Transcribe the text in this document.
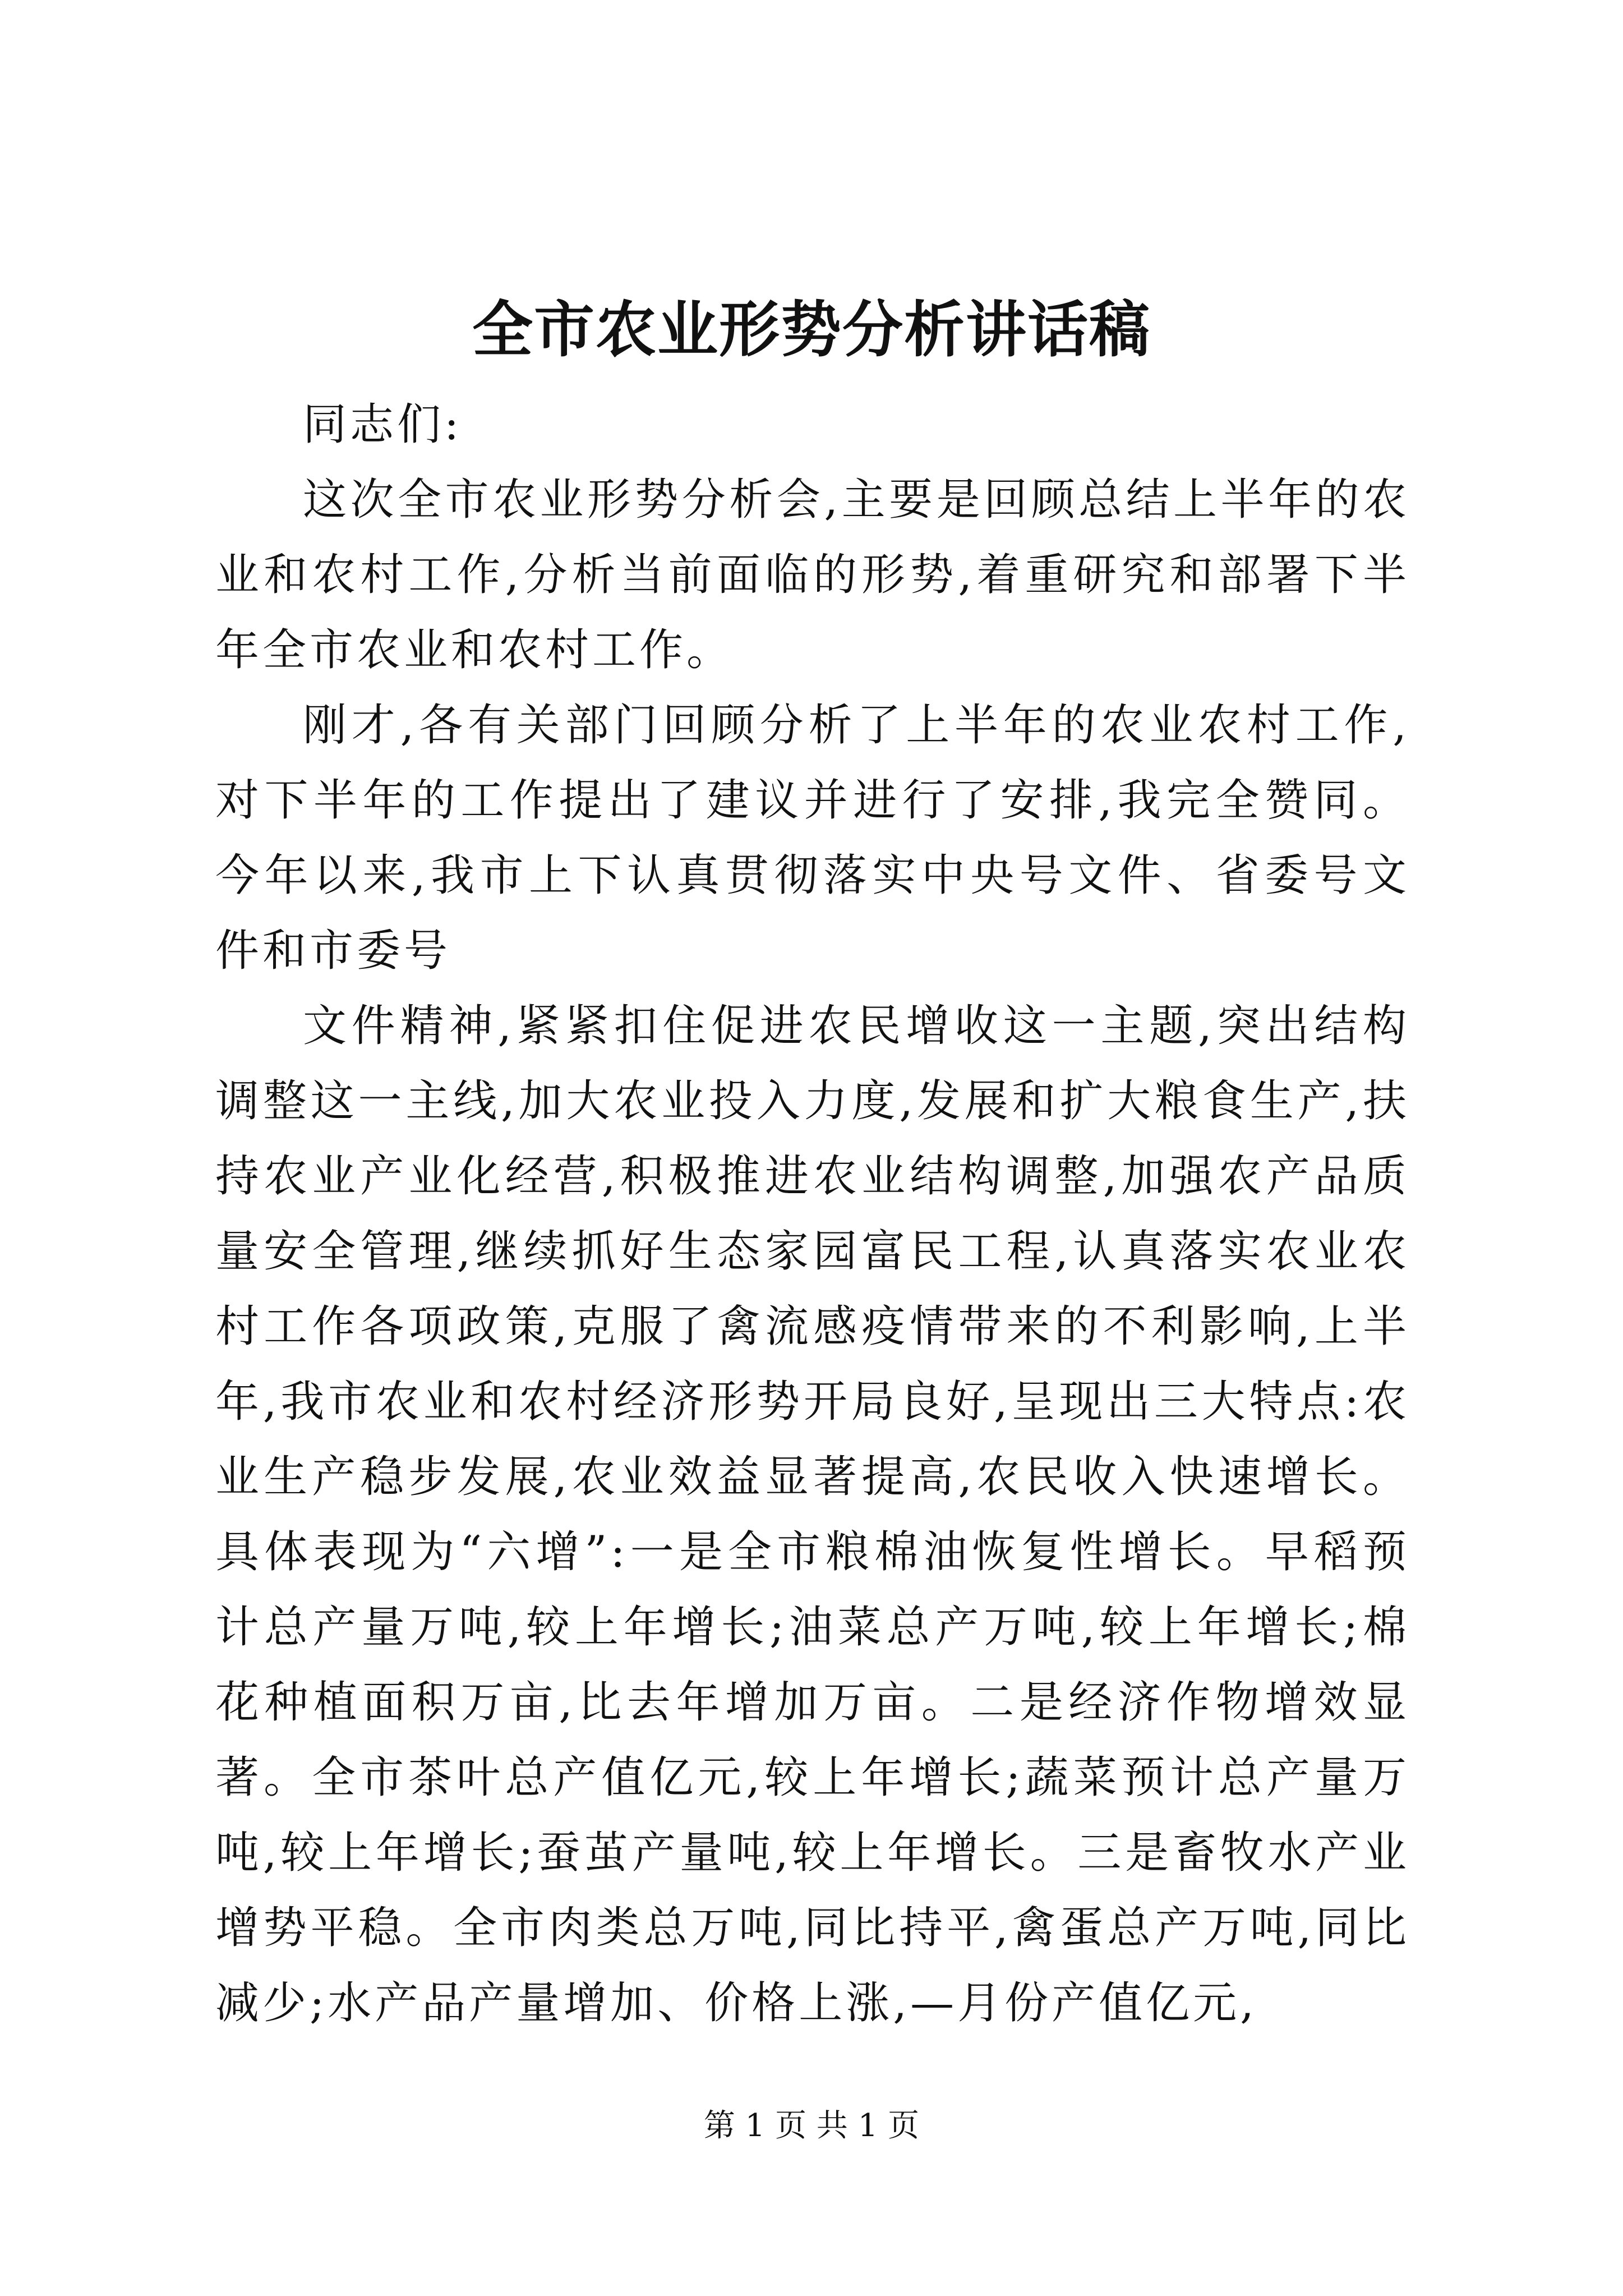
全市农业形势分析讲话稿

同志们:

这次全市农业形势分析会,主要是回顾总结上半年的农业和农村工作,分析当前面临的形势,着重研究和部署下半年全市农业和农村工作。

刚才,各有关部门回顾分析了上半年的农业农村工作,对下半年的工作提出了建议并进行了安排,我完全赞同。今年以来,我市上下认真贯彻落实中央号文件、省委号文件和市委号

文件精神,紧紧扣住促进农民增收这一主题,突出结构调整这一主线,加大农业投入力度,发展和扩大粮食生产,扶持农业产业化经营,积极推进农业结构调整,加强农产品质量安全管理,继续抓好生态家园富民工程,认真落实农业农村工作各项政策,克服了禽流感疫情带来的不利影响,上半年,我市农业和农村经济形势开局良好,呈现出三大特点:农业生产稳步发展,农业效益显著提高,农民收入快速增长。具体表现为“六增”:一是全市粮棉油恢复性增长。早稻预计总产量万吨,较上年增长;油菜总产万吨,较上年增长;棉花种植面积万亩,比去年增加万亩。二是经济作物增效显著。全市茶叶总产值亿元,较上年增长;蔬菜预计总产量万吨,较上年增长;蚕茧产量吨,较上年增长。三是畜牧水产业增势平稳。全市肉类总万吨,同比持平,禽蛋总产万吨,同比减少;水产品产量增加、价格上涨,—月份产值亿元,

第 1 页 共 1 页
